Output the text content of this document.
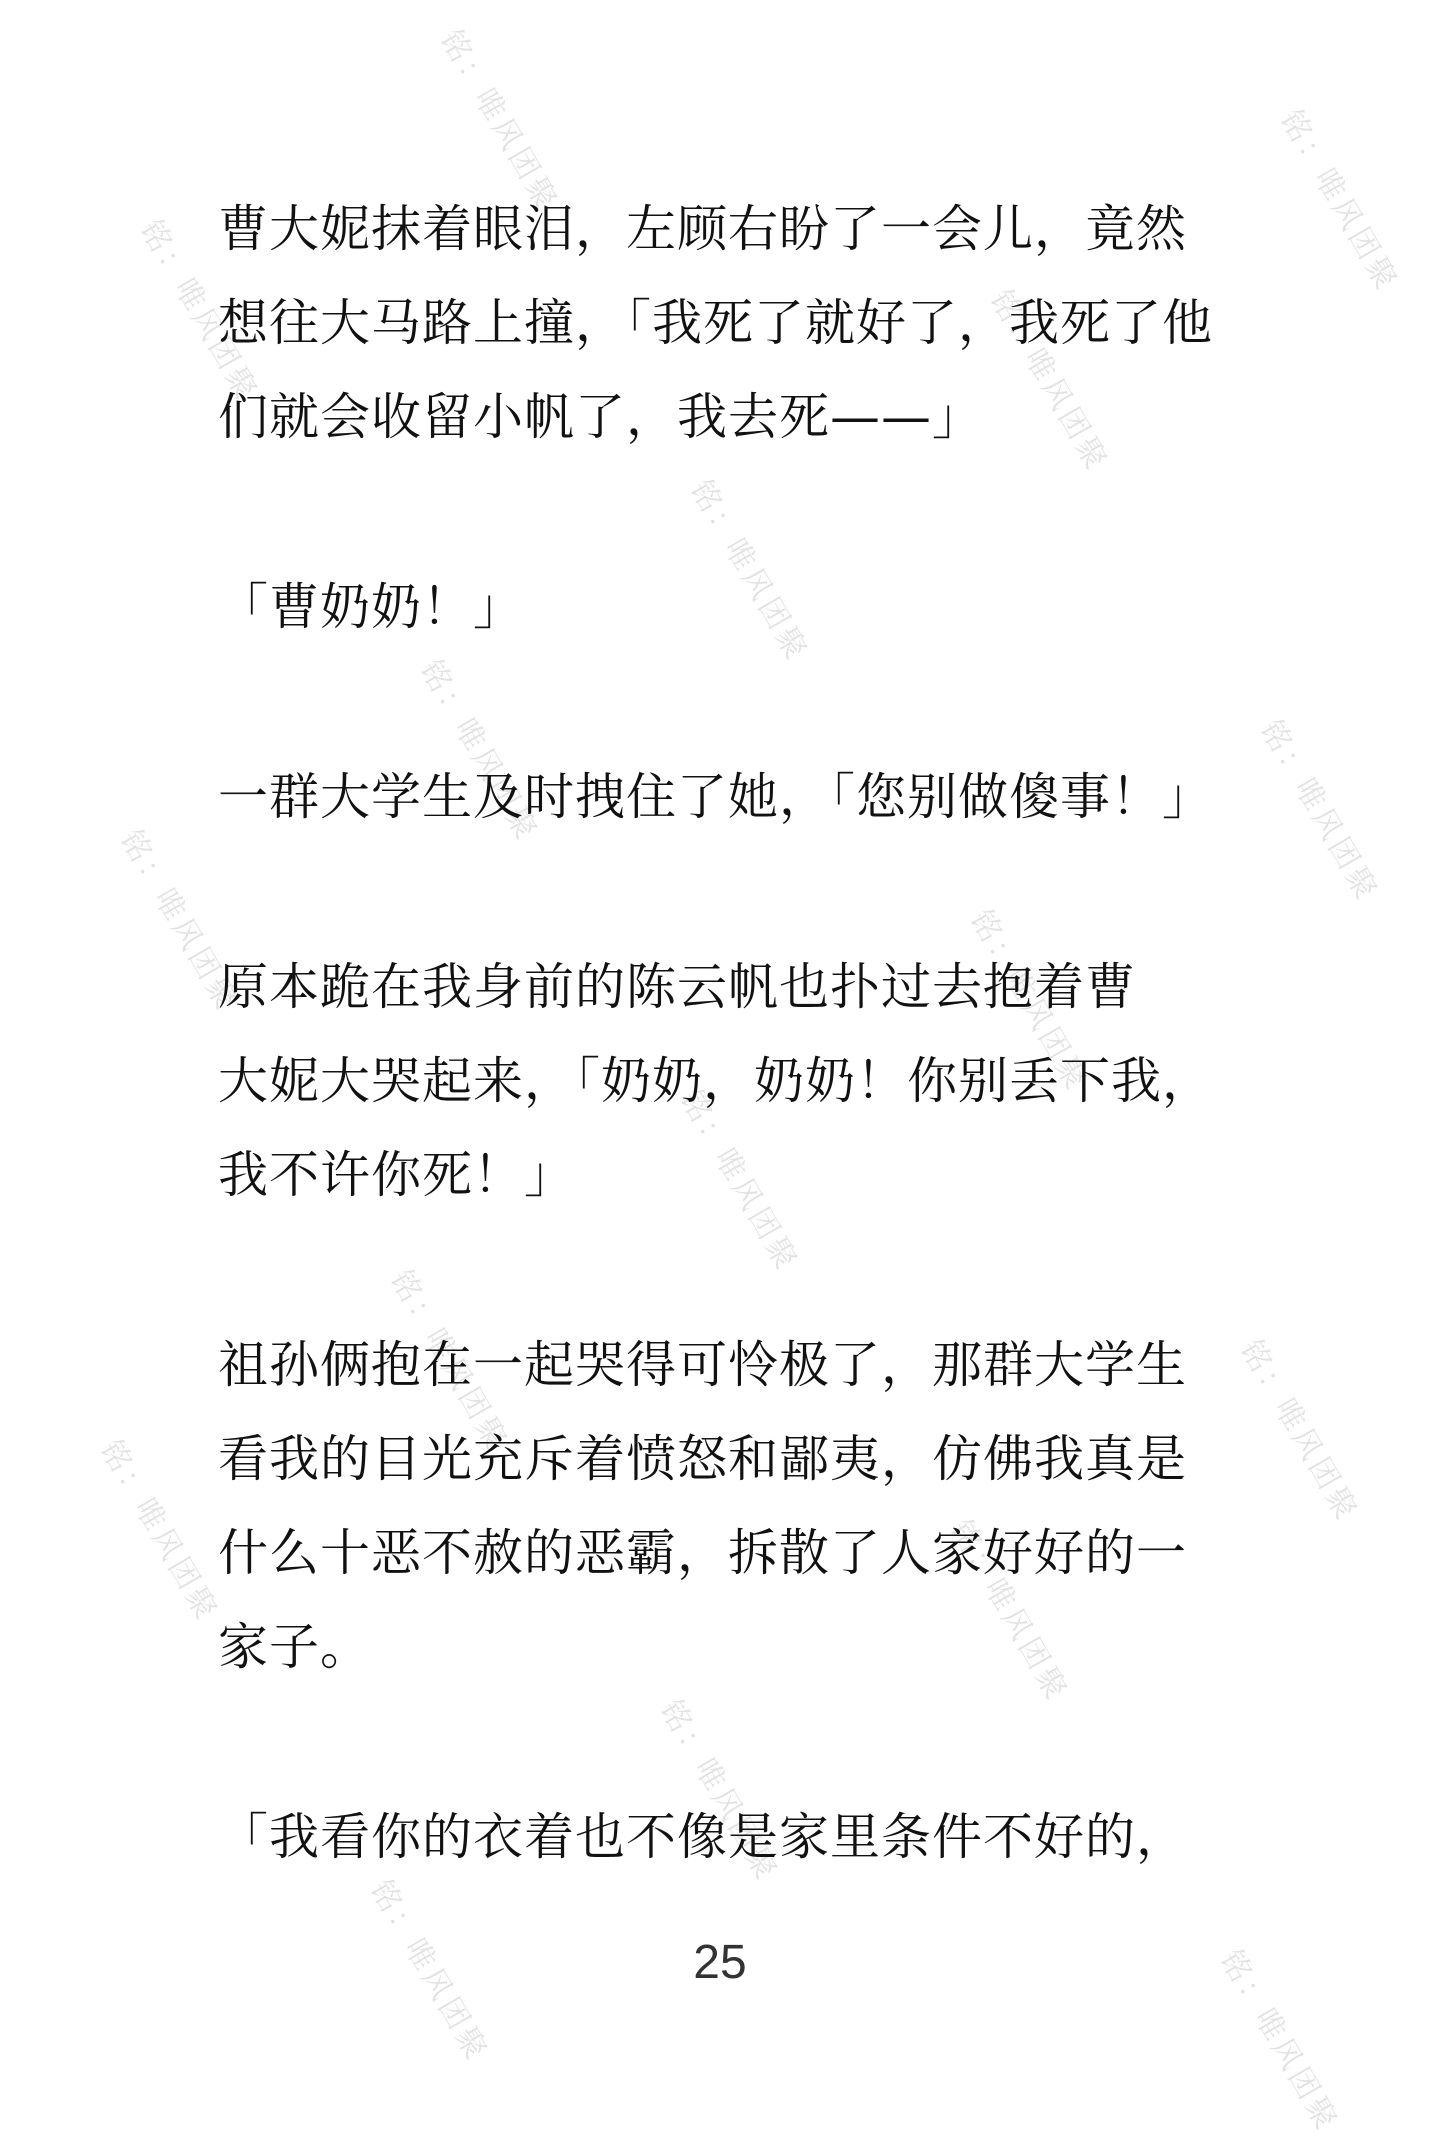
铭：唯风团聚	铭：唯风团聚
铭：唯风团聚	铭：唯风团聚
铭：唯风团聚
铭：唯风团聚	铭：唯风团聚
铭：唯风团聚	铭：唯风团聚
铭：唯风团聚
铭：唯风团聚	铭：唯风团聚
铭：唯风团聚	铭：唯风团聚
铭：唯风团聚
铭：唯风团聚	铭：唯风团聚

曹大妮抹着眼泪，左顾右盼了一会儿，竟然
想往大马路上撞，「我死了就好了，我死了他
们就会收留小帆了，我去死——」

「曹奶奶！」

一群大学生及时拽住了她，「您别做傻事！」

原本跪在我身前的陈云帆也扑过去抱着曹
大妮大哭起来，「奶奶，奶奶！你别丢下我，
我不许你死！」

祖孙俩抱在一起哭得可怜极了，那群大学生
看我的目光充斥着愤怒和鄙夷，仿佛我真是
什么十恶不赦的恶霸，拆散了人家好好的一
家子。

「我看你的衣着也不像是家里条件不好的，

25
